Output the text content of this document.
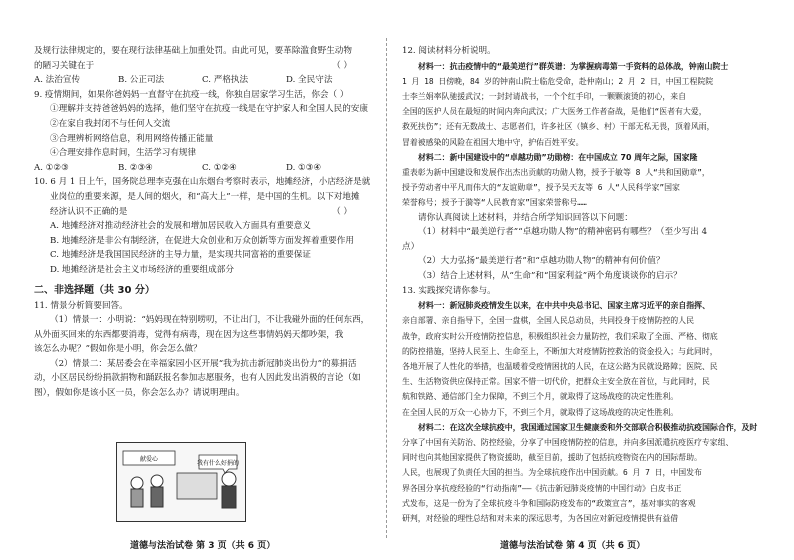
及规行法律规定的，要在现行法律基础上加重处罚。由此可见，要革除滥食野生动物
的陋习关键在于	（ ）
A. 法治宣传	B. 公正司法	C. 严格执法	D. 全民守法
9. 疫情期间，如果你爸妈妈一直督守在抗疫一线，你独自居家学习生活，你会（ ）
①理解并支持爸爸妈妈的选择，他们坚守在抗疫一线是在守护家人和全国人民的安康
②在家自我封闭不与任何人交流
③合理辨析网络信息，利用网络传播正能量
④合理安排作息时间，生活学习有规律
A. ①②③	B. ②③④	C. ①②④	D. ①③④
10. 6 月 1 日上午，国务院总理李克强在山东烟台考察时表示，地摊经济，小店经济是就
业岗位的重要来源，是人间的烟火，和“高大上”一样，是中国的生机。以下对地摊
经济认识不正确的是	（ ）
A. 地摊经济对推动经济社会的发展和增加居民收入方面具有重要意义
B. 地摊经济是非公有制经济，在促进大众创业和万众创新等方面发挥着重要作用
C. 地摊经济是我国国民经济的主导力量，是实现共同富裕的重要保证
D. 地摊经济是社会主义市场经济的重要组成部分
二、非选择题（共 30 分）
11. 情景分析简要回答。
（1）情景一：小明说：“妈妈现在特别唠叨，不让出门，不让我碰外面的任何东西，
从外面买回来的东西都要消毒，觉得有病毒，现在因为这些事情妈妈天都吵架，我
该怎么办呢？”假如你是小明，你会怎么做？
（2）情景二：某居委会在幸福家园小区开展“我为抗击新冠肺炎出份力”的募捐活
动，小区居民纷纷捐款捐物和踊跃报名参加志愿服务，也有人因此发出消极的言论（如
图），假如你是该小区一员，你会怎么办？请说明理由。
献爱心
我有什么好捐的
道德与法治试卷 第 3 页（共 6 页）
12. 阅读材料分析说明。
材料一：抗击疫情中的“最美逆行”群英谱：为掌握病毒第一手资料的总体战，钟南山院士
1 月 18 日傍晚，84 岁的钟南山院士临危受命，赴仲南山；2 月 2 日，中国工程院院
士李兰娟率队驰援武汉；一封封请战书，一个个红手印，一颗颗滚烫的初心，来自
全国的医护人员在最短的时间内奔向武汉；广大医务工作者奋战，是他们“医者有大爱，
救死扶伤”；还有无数战士、志愿者们，许多社区（镇乡、村）干部无私无畏，顶着风雨，
冒着被感染的风险在祖国大地中守，护佑百姓平安。
材料二：新中国建设中的“卓越功勋”功勋榜：在中国成立 70 周年之际，国家隆
重表彰为新中国建设和发展作出杰出贡献的功勋人物，授予于敏等 8 人“共和国勋章”，
授予劳动者中平凡而伟大的“友谊勋章”，授予吴天友等 6 人“人民科学家”国家
荣誉称号；授予于漪等“人民教育家”国家荣誉称号……
请你认真阅读上述材料，并结合所学知识回答以下问题：
（1）材料中“最美逆行者”“卓越功勋人物”的精神密码有哪些？（至少写出 4
点）
（2）大力弘扬“最美逆行者”和“卓越功勋人物”的精神有何价值？
（3）结合上述材料，从“生命”和“国家利益”两个角度谈谈你的启示？
13. 实践探究请你参与。
材料一：新冠肺炎疫情发生以来，在中共中央总书记、国家主席习近平的亲自指挥、
亲自部署、亲自指导下，全国一盘棋，全国人民总动员，共同投身于疫情防控的人民
战争，政府实时公开疫情防控信息，积极组织社会力量防控，我们采取了全面、严格、彻底
的防控措施，坚持人民至上、生命至上，不断加大对疫情防控救治的资金投入；与此同时，
各地开展了人性化的举措，也温暖着受疫情困扰的人民，在这公路为民就设路障；医院、民
生、生活物资供应保持正常。国家不惜一切代价，把群众主安全放在首位，与此同时，民
航和铁路、通信部门全力保障，不到三个月，就取得了这场战疫的决定性胜利。
在全国人民的万众一心协力下，不到三个月，就取得了这场战疫的决定性胜利。
材料二：在这次全球抗疫中，我国通过国家卫生健康委和外交部联合积极推动抗疫国际合作，及时
分享了中国有关防治、防控经验，分享了中国疫情防控的信息，并向多国派遣抗疫医疗专家组、
同时也向其他国家提供了物资援助，截至目前，援助了包括抗疫物资在内的国际帮助。
人民，也展现了负责任大国的担当。为全球抗疫作出中国贡献。6 月 7 日，中国发布
界各国分享抗疫经验的“行动指南”——《抗击新冠肺炎疫情的中国行动》白皮书正
式发布，这是一份为了全球抗疫斗争和国际防疫发布的“政策宣言”，基对事实的客观
研判，对经验的理性总结和对未来的深远思考，为各国应对新冠疫情提供有益借
道德与法治试卷 第 4 页（共 6 页）
